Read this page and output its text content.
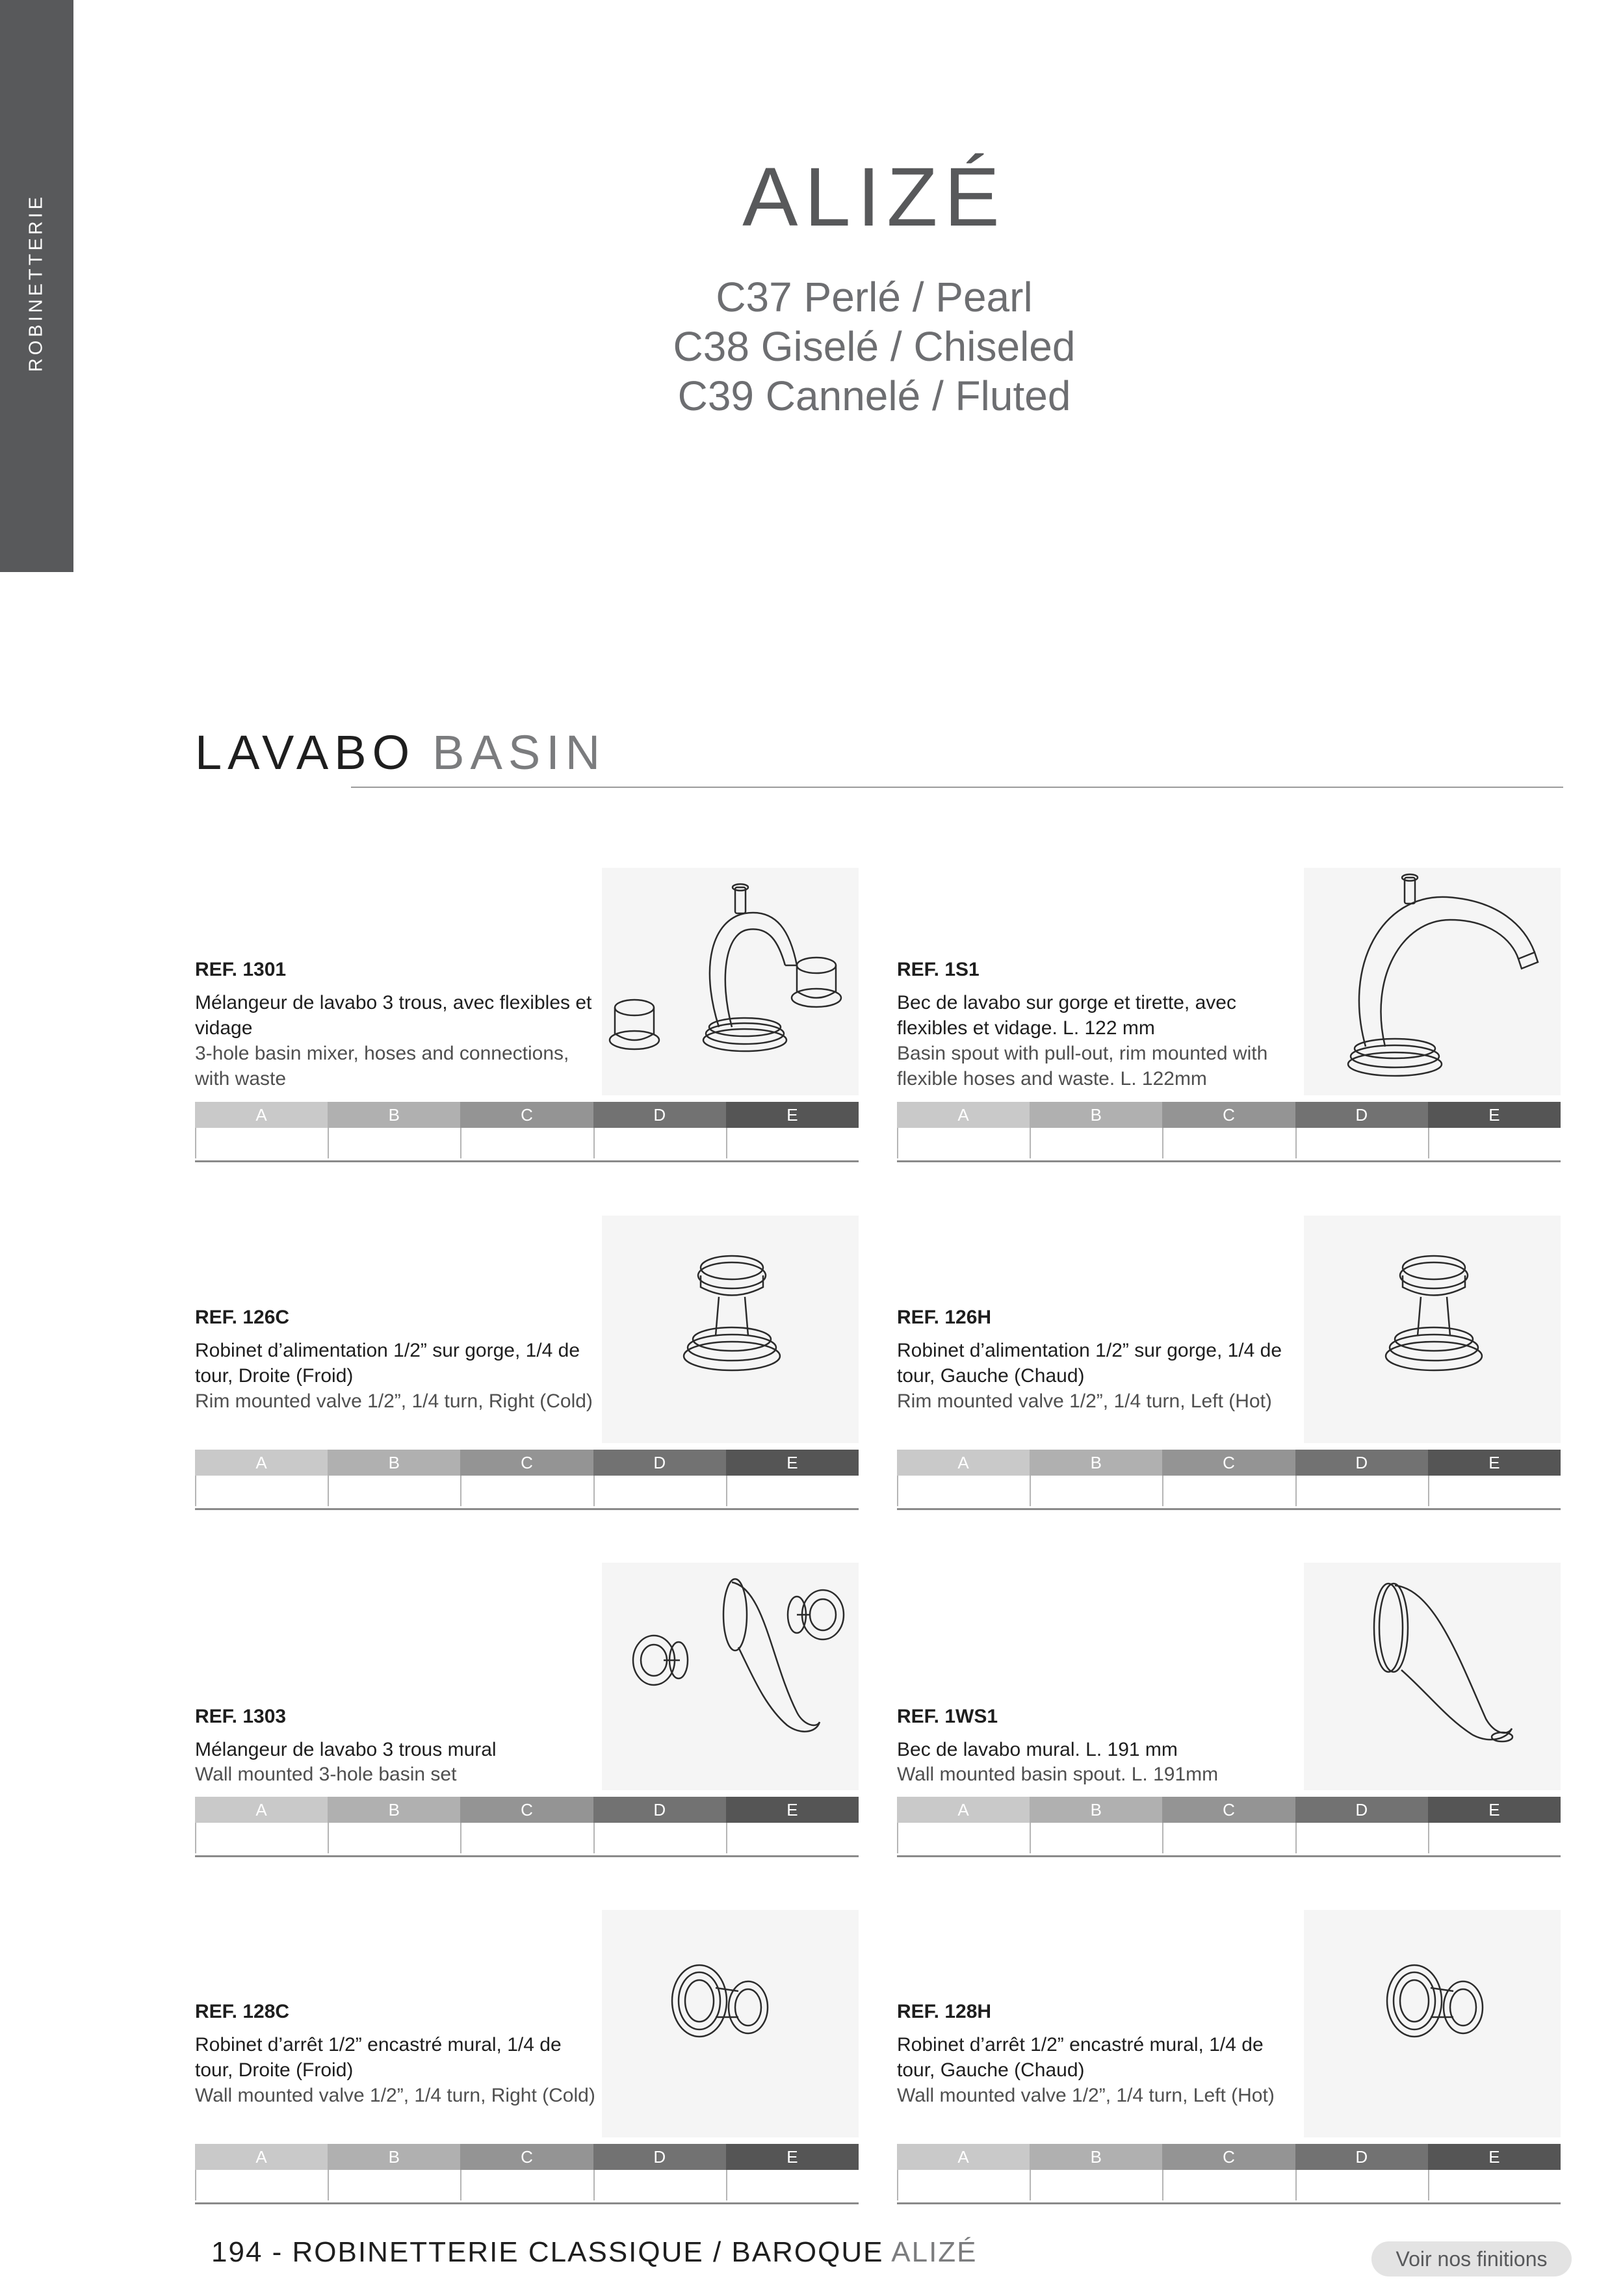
ROBINETTERIE	ALIZÉ
C37 Perlé / Pearl
C38 Giselé / Chiseled
C39 Cannelé / Fluted
LAVABO BASIN
REF. 1301
Mélangeur de lavabo 3 trous, avec flexibles et vidage
3-hole basin mixer, hoses and connections, with waste
A	B	C	D	E
REF. 1S1
Bec de lavabo sur gorge et tirette, avec flexibles et vidage. L. 122 mm
Basin spout with pull-out, rim mounted with flexible hoses and waste. L. 122mm
A	B	C	D	E
REF. 126C
Robinet d’alimentation 1/2” sur gorge, 1/4 de tour, Droite (Froid)
Rim mounted valve 1/2”, 1/4 turn, Right (Cold)
A	B	C	D	E
REF. 126H
Robinet d’alimentation 1/2” sur gorge, 1/4 de tour, Gauche (Chaud)
Rim mounted valve 1/2”, 1/4 turn, Left (Hot)
A	B	C	D	E
REF. 1303
Mélangeur de lavabo 3 trous mural
Wall mounted 3-hole basin set
A	B	C	D	E
REF. 1WS1
Bec de lavabo mural. L. 191 mm
Wall mounted basin spout. L. 191mm
A	B	C	D	E
REF. 128C
Robinet d’arrêt 1/2” encastré mural, 1/4 de tour, Droite (Froid)
Wall mounted valve 1/2”, 1/4 turn, Right (Cold)
A	B	C	D	E
REF. 128H
Robinet d’arrêt 1/2” encastré mural, 1/4 de tour, Gauche (Chaud)
Wall mounted valve 1/2”, 1/4 turn, Left (Hot)
A	B	C	D	E
194 - ROBINETTERIE CLASSIQUE / BAROQUE ALIZÉ	Voir nos finitions
